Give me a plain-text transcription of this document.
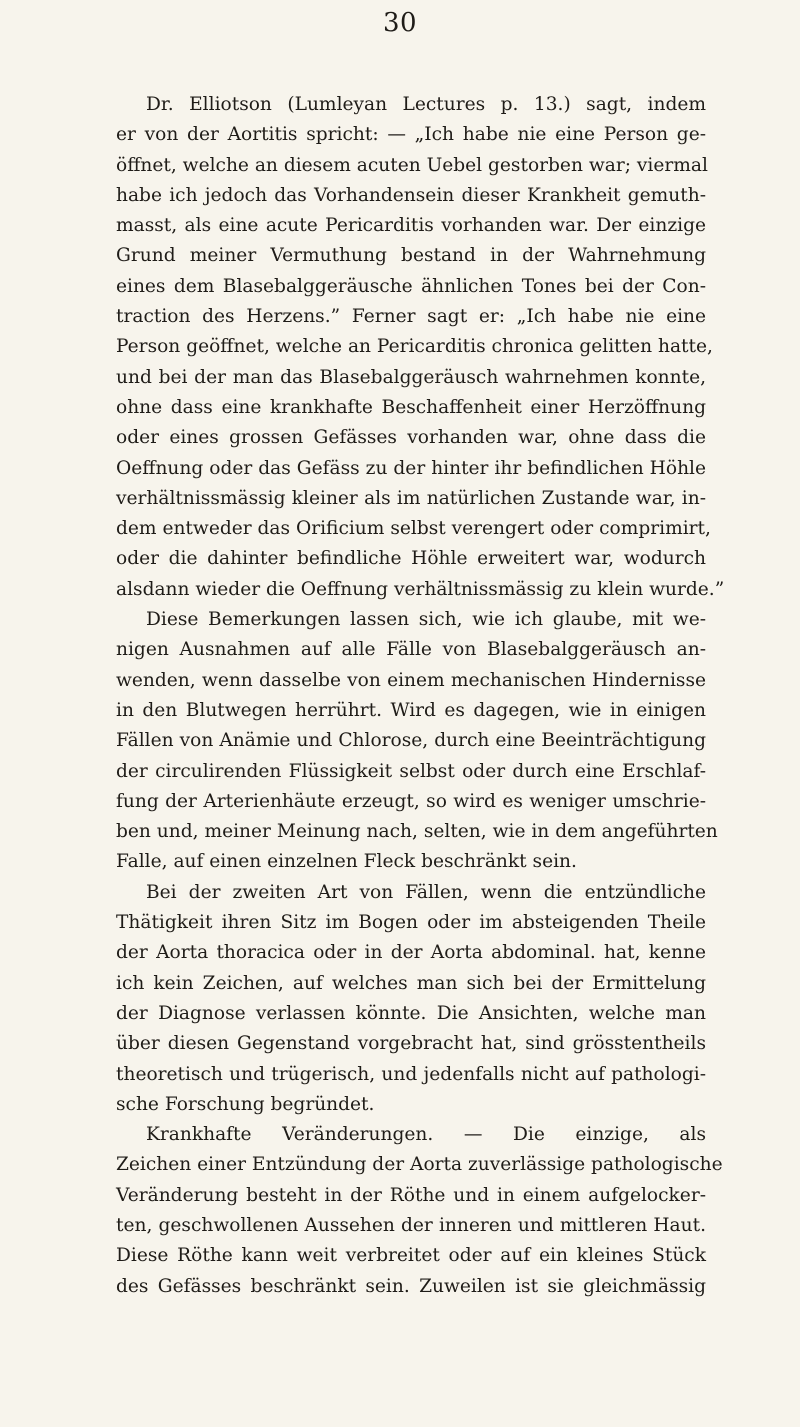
30
Dr. Elliotson (Lumleyan Lectures p. 13.) sagt, indem
er von der Aortitis spricht: — „Ich habe nie eine Person ge-
öffnet, welche an diesem acuten Uebel gestorben war; viermal
habe ich jedoch das Vorhandensein dieser Krankheit gemuth-
masst, als eine acute Pericarditis vorhanden war. Der einzige
Grund meiner Vermuthung bestand in der Wahrnehmung
eines dem Blasebalggeräusche ähnlichen Tones bei der Con-
traction des Herzens.” Ferner sagt er: „Ich habe nie eine
Person geöffnet, welche an Pericarditis chronica gelitten hatte,
und bei der man das Blasebalggeräusch wahrnehmen konnte,
ohne dass eine krankhafte Beschaffenheit einer Herzöffnung
oder eines grossen Gefässes vorhanden war, ohne dass die
Oeffnung oder das Gefäss zu der hinter ihr befindlichen Höhle
verhältnissmässig kleiner als im natürlichen Zustande war, in-
dem entweder das Orificium selbst verengert oder comprimirt,
oder die dahinter befindliche Höhle erweitert war, wodurch
alsdann wieder die Oeffnung verhältnissmässig zu klein wurde.”
Diese Bemerkungen lassen sich, wie ich glaube, mit we-
nigen Ausnahmen auf alle Fälle von Blasebalggeräusch an-
wenden, wenn dasselbe von einem mechanischen Hindernisse
in den Blutwegen herrührt. Wird es dagegen, wie in einigen
Fällen von Anämie und Chlorose, durch eine Beeinträchtigung
der circulirenden Flüssigkeit selbst oder durch eine Erschlaf-
fung der Arterienhäute erzeugt, so wird es weniger umschrie-
ben und, meiner Meinung nach, selten, wie in dem angeführten
Falle, auf einen einzelnen Fleck beschränkt sein.
Bei der zweiten Art von Fällen, wenn die entzündliche
Thätigkeit ihren Sitz im Bogen oder im absteigenden Theile
der Aorta thoracica oder in der Aorta abdominal. hat, kenne
ich kein Zeichen, auf welches man sich bei der Ermittelung
der Diagnose verlassen könnte. Die Ansichten, welche man
über diesen Gegenstand vorgebracht hat, sind grösstentheils
theoretisch und trügerisch, und jedenfalls nicht auf pathologi-
sche Forschung begründet.
Krankhafte Veränderungen. — Die einzige, als
Zeichen einer Entzündung der Aorta zuverlässige pathologische
Veränderung besteht in der Röthe und in einem aufgelocker-
ten, geschwollenen Aussehen der inneren und mittleren Haut.
Diese Röthe kann weit verbreitet oder auf ein kleines Stück
des Gefässes beschränkt sein. Zuweilen ist sie gleichmässig
